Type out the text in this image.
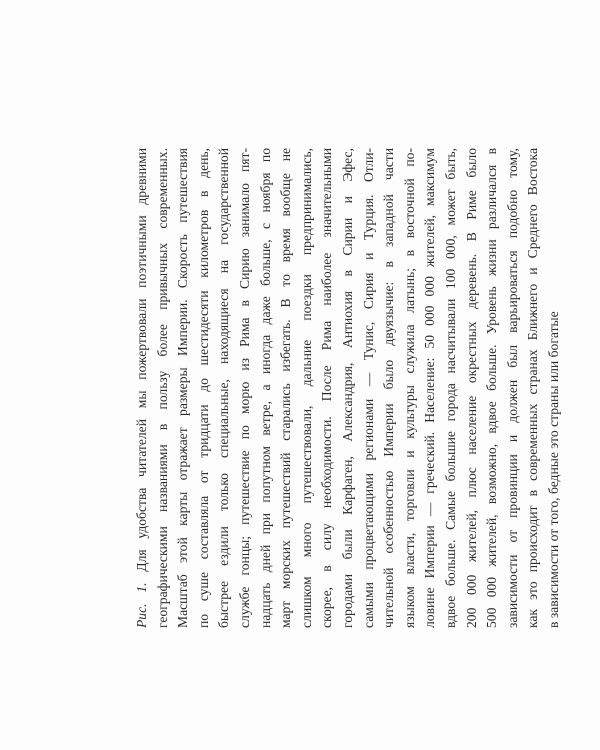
Рис. 1. Для удобства читателей мы пожертвовали поэтичными древними географическими названиями в пользу более привычных современных. Масштаб этой карты отражает размеры Империи. Скорость путешествия по суше составляла от тридцати до шестидесяти километров в день, быстрее ездили только специальные, находящиеся на государственной службе гонцы; путешествие по морю из Рима в Сирию занимало пят- надцать дней при попутном ветре, а иногда даже больше, с ноября по март морских путешествий старались избегать. В то время вообще не слишком много путешествовали, дальние поездки предпринимались, скорее, в силу необходимости. После Рима наиболее значительными городами были Карфаген, Александрия, Антиохия в Сирии и Эфес, самыми процветающими регионами — Тунис, Сирия и Турция. Отли- чительной особенностью Империи было двуязычие: в западной части языком власти, торговли и культуры служила латынь; в восточной по- ловине Империи — греческий. Население: 50 000 000 жителей, максимум вдвое больше. Самые большие города насчитывали 100 000, может быть, 200 000 жителей, плюс население окрестных деревень. В Риме было 500 000 жителей, возможно, вдвое больше. Уровень жизни различался в зависимости от провинции и должен был варьироваться подобно тому, как это происходит в современных странах Ближнего и Среднего Востока в зависимости от того, бедные это страны или богатые
